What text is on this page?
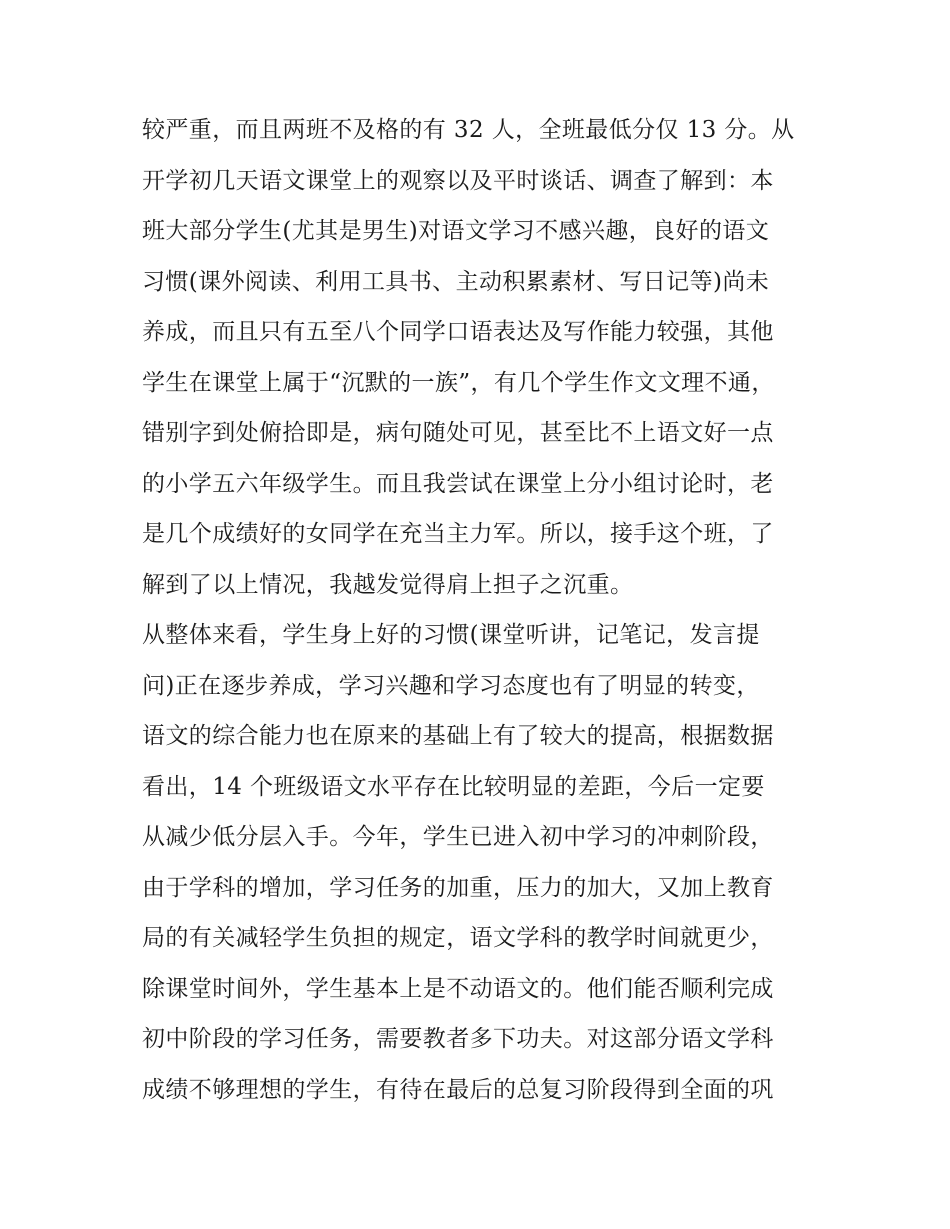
较严重，而且两班不及格的有 32 人，全班最低分仅 13 分。从
开学初几天语文课堂上的观察以及平时谈话、调查了解到：本
班大部分学生(尤其是男生)对语文学习不感兴趣，良好的语文
习惯(课外阅读、利用工具书、主动积累素材、写日记等)尚未
养成，而且只有五至八个同学口语表达及写作能力较强，其他
学生在课堂上属于“沉默的一族”，有几个学生作文文理不通，
错别字到处俯拾即是，病句随处可见，甚至比不上语文好一点
的小学五六年级学生。而且我尝试在课堂上分小组讨论时，老
是几个成绩好的女同学在充当主力军。所以，接手这个班，了
解到了以上情况，我越发觉得肩上担子之沉重。
从整体来看，学生身上好的习惯(课堂听讲，记笔记，发言提
问)正在逐步养成，学习兴趣和学习态度也有了明显的转变，
语文的综合能力也在原来的基础上有了较大的提高，根据数据
看出，14 个班级语文水平存在比较明显的差距，今后一定要
从减少低分层入手。今年，学生已进入初中学习的冲刺阶段，
由于学科的增加，学习任务的加重，压力的加大，又加上教育
局的有关减轻学生负担的规定，语文学科的教学时间就更少，
除课堂时间外，学生基本上是不动语文的。他们能否顺利完成
初中阶段的学习任务，需要教者多下功夫。对这部分语文学科
成绩不够理想的学生，有待在最后的总复习阶段得到全面的巩
